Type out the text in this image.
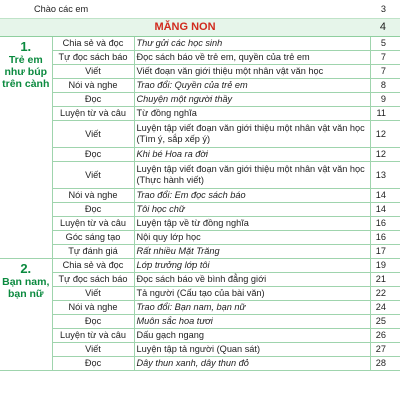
Chào các em			3
MĂNG NON			4

1.
Trẻ em như búp trên cành	Chia sẻ và đọc	Thư gửi các học sinh	5
	Tự đọc sách báo	Đọc sách báo về trẻ em, quyền của trẻ em	7
	Viết	Viết đoạn văn giới thiệu một nhân vật văn học	7
	Nói và nghe	Trao đổi: Quyền của trẻ em	8
	Đọc	Chuyện một người thầy	9
	Luyện từ và câu	Từ đồng nghĩa	11
	Viết	Luyện tập viết đoạn văn giới thiệu một nhân vật văn học (Tìm ý, sắp xếp ý)	12
	Đọc	Khi bé Hoa ra đời	12
	Viết	Luyện tập viết đoạn văn giới thiệu một nhân vật văn học (Thực hành viết)	13
	Nói và nghe	Trao đổi: Em đọc sách báo	14
	Đọc	Tôi học chữ	14
	Luyện từ và câu	Luyện tập về từ đồng nghĩa	16
	Góc sáng tạo	Nội quy lớp học	16
	Tự đánh giá	Rất nhiều Mặt Trăng	17

2.
Bạn nam, bạn nữ	Chia sẻ và đọc	Lớp trưởng lớp tôi	19
	Tự đọc sách báo	Đọc sách báo về bình đẳng giới	21
	Viết	Tả người (Cấu tạo của bài văn)	22
	Nói và nghe	Trao đổi: Bạn nam, bạn nữ	24
	Đọc	Muôn sắc hoa tươi	25
	Luyện từ và câu	Dấu gạch ngang	26
	Viết	Luyện tập tả người (Quan sát)	27
	Đọc	Dây thun xanh, dây thun đỏ	28
